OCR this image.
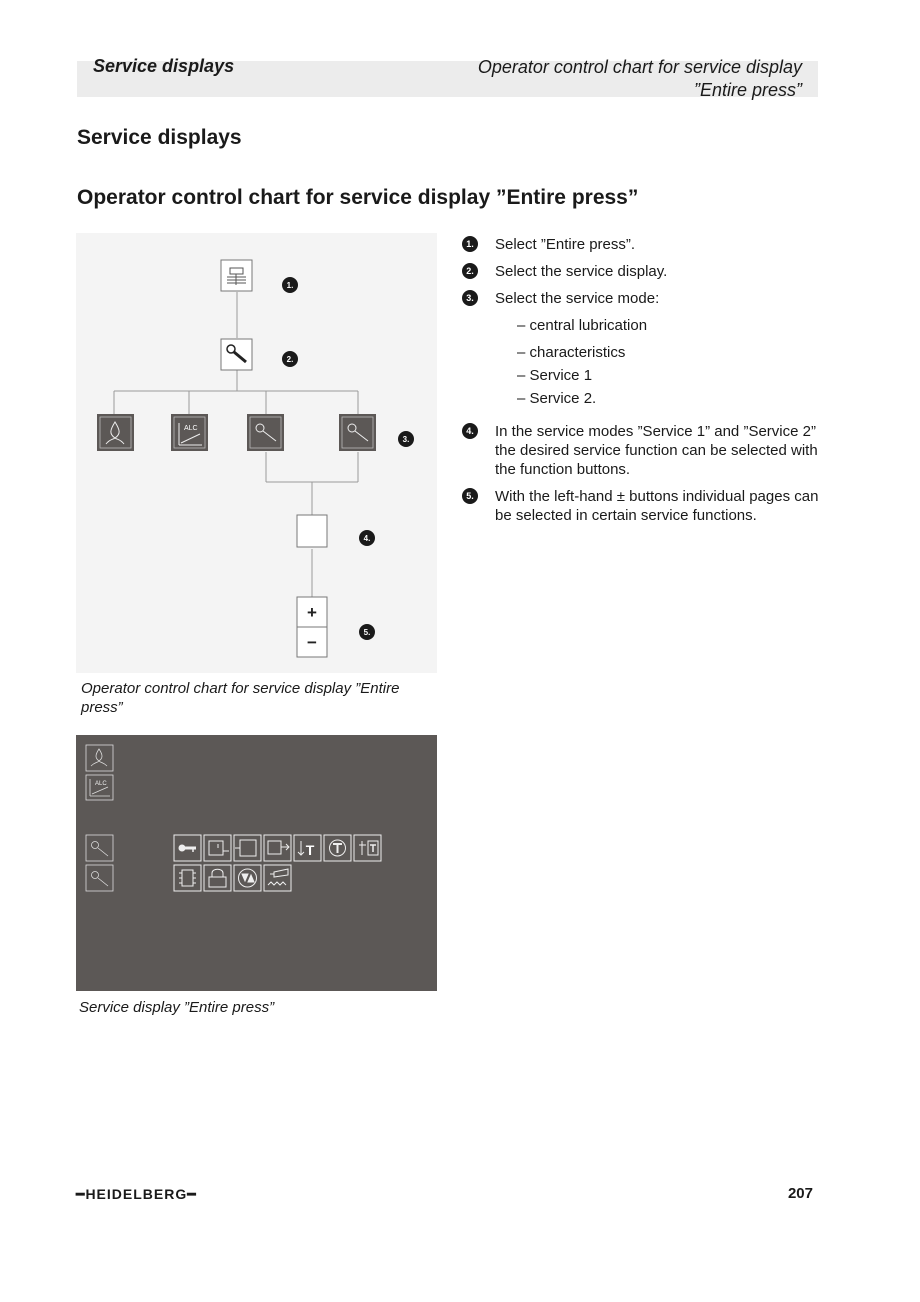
Service displays	Operator control chart for service display
”Entire press”
Service displays
Operator control chart for service display ”Entire press”
ALC
+
−
1.
2.
3.
4.
5.
Operator control chart for service display ”Entire press”
ALC
T
Service display ”Entire press”
1. Select ”Entire press”.
2. Select the service display.
3. Select the service mode:
– central lubrication
– characteristics
– Service 1
– Service 2.
4. In the service modes ”Service 1” and ”Service 2” the desired service function can be selected with the function buttons.
5. With the left-hand ± buttons individual pages can be selected in certain service functions.
━HEIDELBERG━	207
